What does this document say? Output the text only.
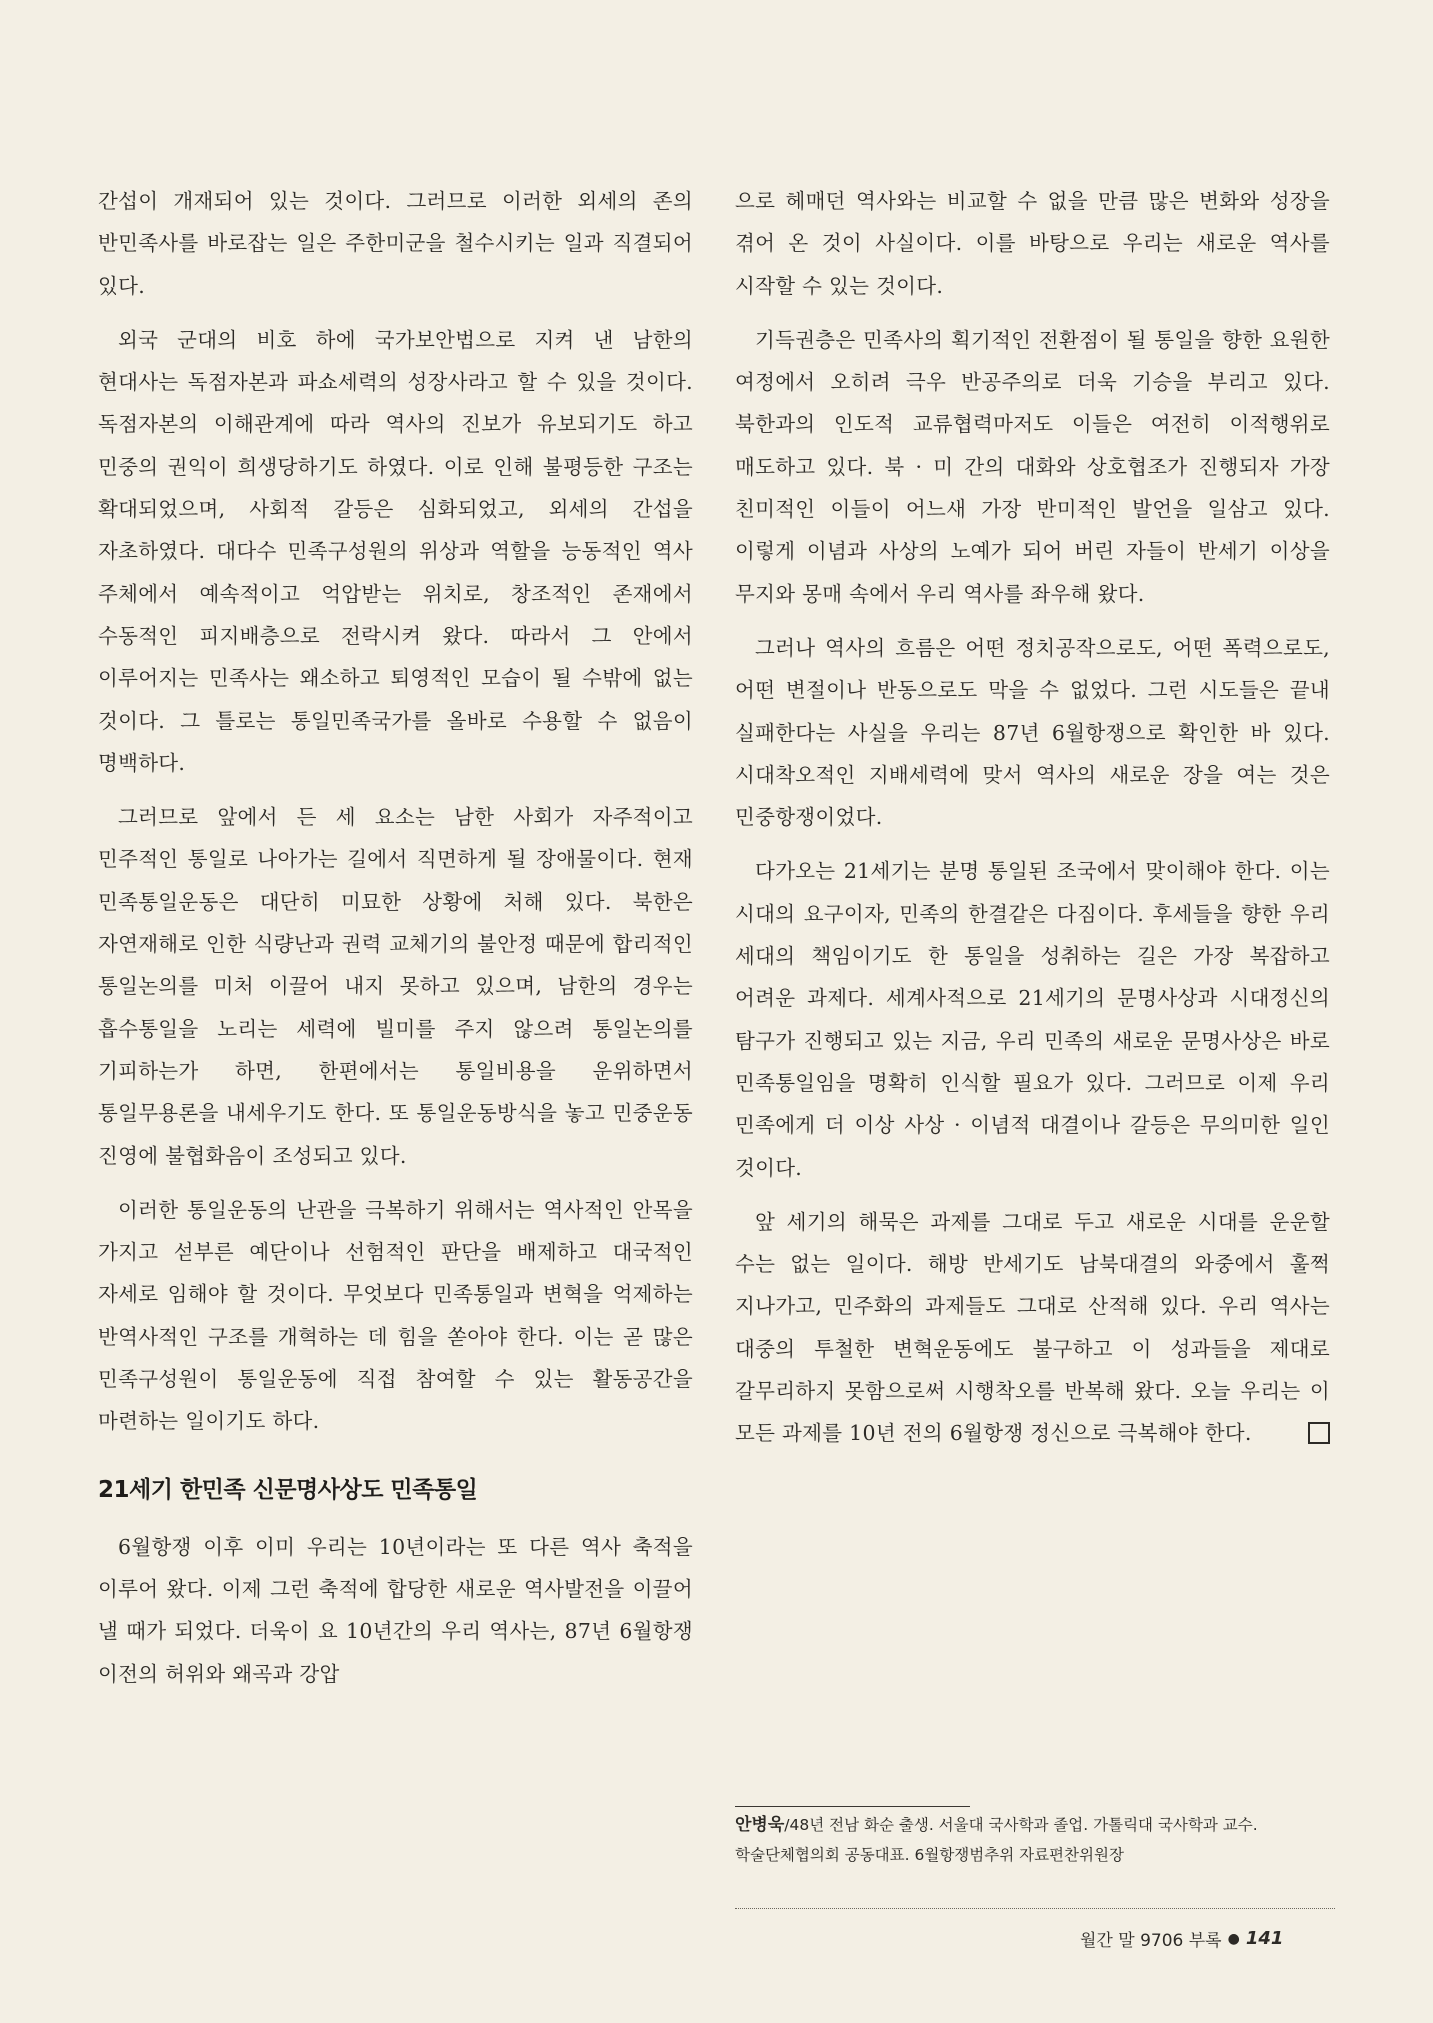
간섭이 개재되어 있는 것이다. 그러므로 이러한 외세의 존의 반민족사를 바로잡는 일은 주한미군을 철수시키는 일과 직결되어 있다.

외국 군대의 비호 하에 국가보안법으로 지켜 낸 남한의 현대사는 독점자본과 파쇼세력의 성장사라고 할 수 있을 것이다. 독점자본의 이해관계에 따라 역사의 진보가 유보되기도 하고 민중의 권익이 희생당하기도 하였다. 이로 인해 불평등한 구조는 확대되었으며, 사회적 갈등은 심화되었고, 외세의 간섭을 자초하였다. 대다수 민족구성원의 위상과 역할을 능동적인 역사 주체에서 예속적이고 억압받는 위치로, 창조적인 존재에서 수동적인 피지배층으로 전락시켜 왔다. 따라서 그 안에서 이루어지는 민족사는 왜소하고 퇴영적인 모습이 될 수밖에 없는 것이다. 그 틀로는 통일민족국가를 올바로 수용할 수 없음이 명백하다.

그러므로 앞에서 든 세 요소는 남한 사회가 자주적이고 민주적인 통일로 나아가는 길에서 직면하게 될 장애물이다. 현재 민족통일운동은 대단히 미묘한 상황에 처해 있다. 북한은 자연재해로 인한 식량난과 권력 교체기의 불안정 때문에 합리적인 통일논의를 미처 이끌어 내지 못하고 있으며, 남한의 경우는 흡수통일을 노리는 세력에 빌미를 주지 않으려 통일논의를 기피하는가 하면, 한편에서는 통일비용을 운위하면서 통일무용론을 내세우기도 한다. 또 통일운동방식을 놓고 민중운동 진영에 불협화음이 조성되고 있다.

이러한 통일운동의 난관을 극복하기 위해서는 역사적인 안목을 가지고 섣부른 예단이나 선험적인 판단을 배제하고 대국적인 자세로 임해야 할 것이다. 무엇보다 민족통일과 변혁을 억제하는 반역사적인 구조를 개혁하는 데 힘을 쏟아야 한다. 이는 곧 많은 민족구성원이 통일운동에 직접 참여할 수 있는 활동공간을 마련하는 일이기도 하다.

21세기 한민족 신문명사상도 민족통일

6월항쟁 이후 이미 우리는 10년이라는 또 다른 역사 축적을 이루어 왔다. 이제 그런 축적에 합당한 새로운 역사발전을 이끌어 낼 때가 되었다. 더욱이 요 10년간의 우리 역사는, 87년 6월항쟁 이전의 허위와 왜곡과 강압

으로 헤매던 역사와는 비교할 수 없을 만큼 많은 변화와 성장을 겪어 온 것이 사실이다. 이를 바탕으로 우리는 새로운 역사를 시작할 수 있는 것이다.

기득권층은 민족사의 획기적인 전환점이 될 통일을 향한 요원한 여정에서 오히려 극우 반공주의로 더욱 기승을 부리고 있다. 북한과의 인도적 교류협력마저도 이들은 여전히 이적행위로 매도하고 있다. 북 · 미 간의 대화와 상호협조가 진행되자 가장 친미적인 이들이 어느새 가장 반미적인 발언을 일삼고 있다. 이렇게 이념과 사상의 노예가 되어 버린 자들이 반세기 이상을 무지와 몽매 속에서 우리 역사를 좌우해 왔다.

그러나 역사의 흐름은 어떤 정치공작으로도, 어떤 폭력으로도, 어떤 변절이나 반동으로도 막을 수 없었다. 그런 시도들은 끝내 실패한다는 사실을 우리는 87년 6월항쟁으로 확인한 바 있다. 시대착오적인 지배세력에 맞서 역사의 새로운 장을 여는 것은 민중항쟁이었다.

다가오는 21세기는 분명 통일된 조국에서 맞이해야 한다. 이는 시대의 요구이자, 민족의 한결같은 다짐이다. 후세들을 향한 우리 세대의 책임이기도 한 통일을 성취하는 길은 가장 복잡하고 어려운 과제다. 세계사적으로 21세기의 문명사상과 시대정신의 탐구가 진행되고 있는 지금, 우리 민족의 새로운 문명사상은 바로 민족통일임을 명확히 인식할 필요가 있다. 그러므로 이제 우리 민족에게 더 이상 사상 · 이념적 대결이나 갈등은 무의미한 일인 것이다.

앞 세기의 해묵은 과제를 그대로 두고 새로운 시대를 운운할 수는 없는 일이다. 해방 반세기도 남북대결의 와중에서 훌쩍 지나가고, 민주화의 과제들도 그대로 산적해 있다. 우리 역사는 대중의 투철한 변혁운동에도 불구하고 이 성과들을 제대로 갈무리하지 못함으로써 시행착오를 반복해 왔다. 오늘 우리는 이 모든 과제를 10년 전의 6월항쟁 정신으로 극복해야 한다.

안병욱/48년 전남 화순 출생. 서울대 국사학과 졸업. 가톨릭대 국사학과 교수. 학술단체협의회 공동대표. 6월항쟁범추위 자료편찬위원장
월간 말 9706 부록 ● 141
